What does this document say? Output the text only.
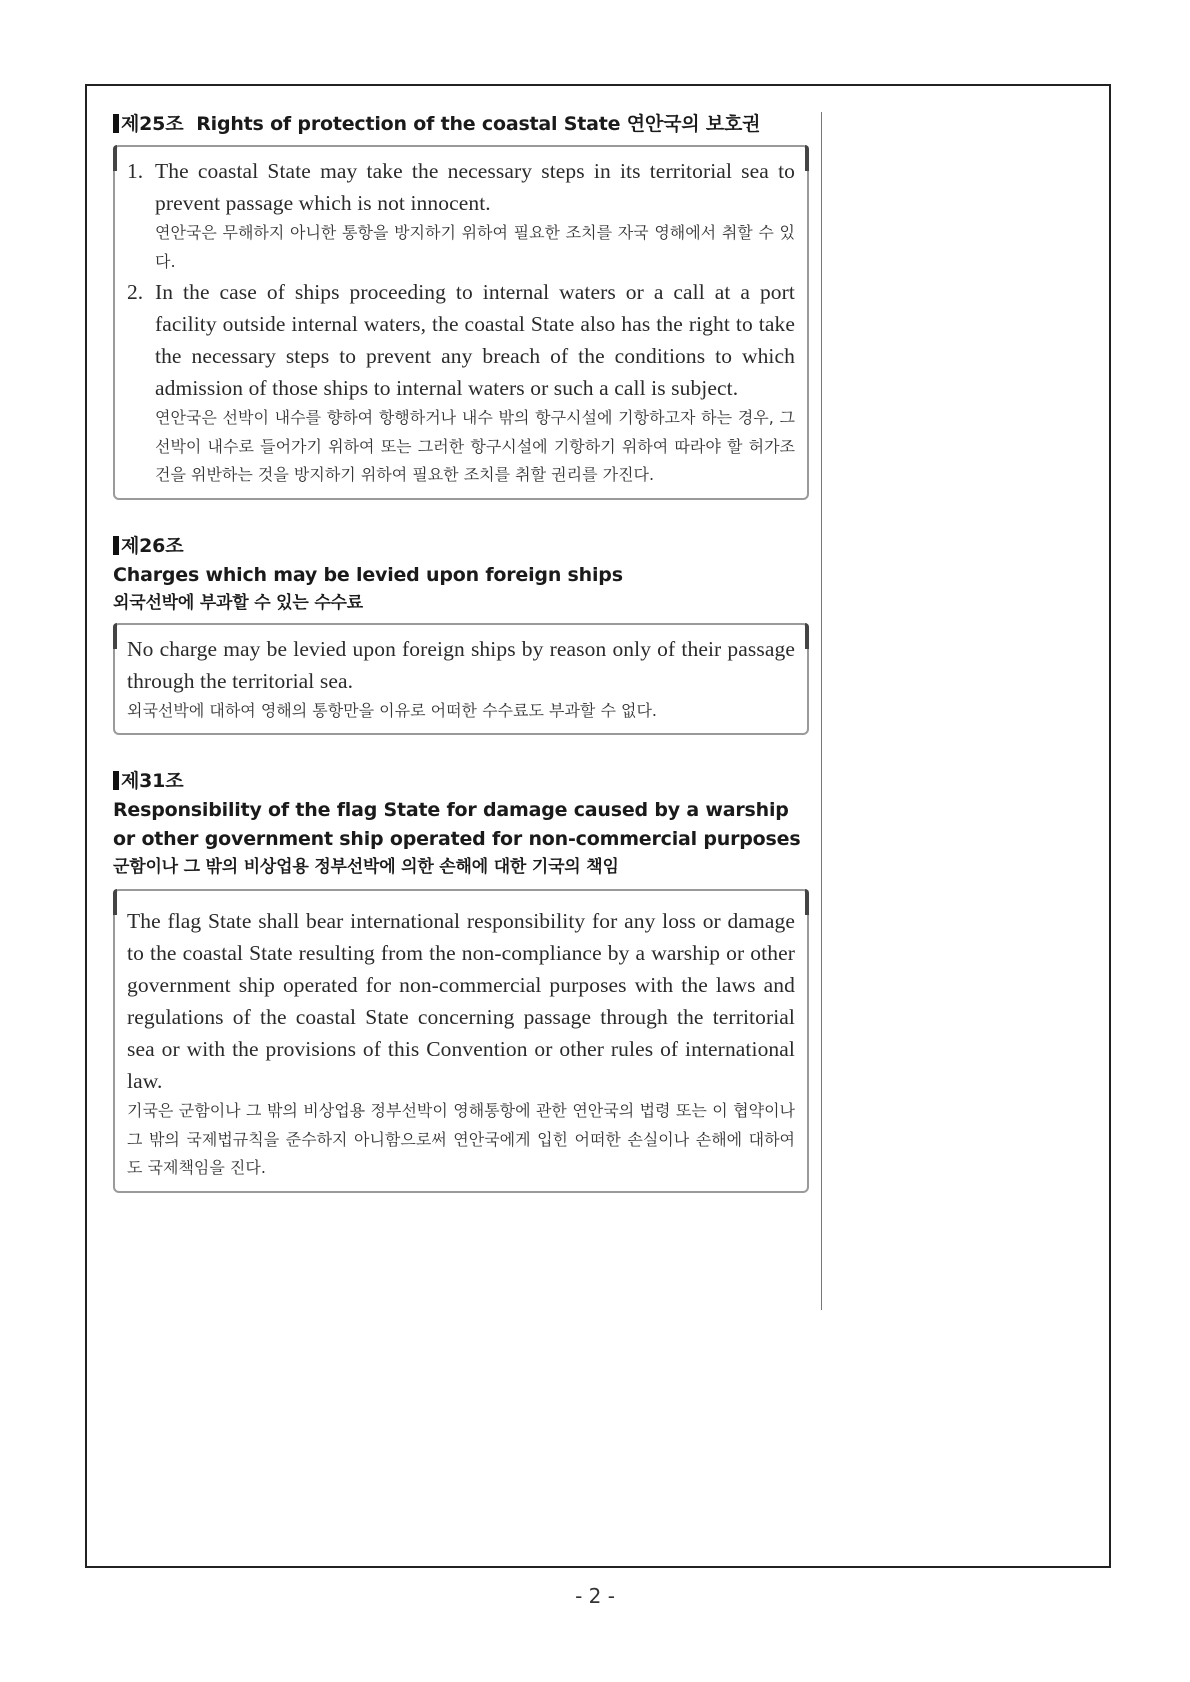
제25조 Rights of protection of the coastal State 연안국의 보호권
1. The coastal State may take the necessary steps in its territorial sea to prevent passage which is not innocent.
연안국은 무해하지 아니한 통항을 방지하기 위하여 필요한 조치를 자국 영해에서 취할 수 있다.
2. In the case of ships proceeding to internal waters or a call at a port facility outside internal waters, the coastal State also has the right to take the necessary steps to prevent any breach of the conditions to which admission of those ships to internal waters or such a call is subject.
연안국은 선박이 내수를 향하여 항행하거나 내수 밖의 항구시설에 기항하고자 하는 경우, 그 선박이 내수로 들어가기 위하여 또는 그러한 항구시설에 기항하기 위하여 따라야 할 허가조건을 위반하는 것을 방지하기 위하여 필요한 조치를 취할 권리를 가진다.
제26조
Charges which may be levied upon foreign ships
외국선박에 부과할 수 있는 수수료
No charge may be levied upon foreign ships by reason only of their passage through the territorial sea.
외국선박에 대하여 영해의 통항만을 이유로 어떠한 수수료도 부과할 수 없다.
제31조
Responsibility of the flag State for damage caused by a warship or other government ship operated for non-commercial purposes
군함이나 그 밖의 비상업용 정부선박에 의한 손해에 대한 기국의 책임
The flag State shall bear international responsibility for any loss or damage to the coastal State resulting from the non-compliance by a warship or other government ship operated for non-commercial purposes with the laws and regulations of the coastal State concerning passage through the territorial sea or with the provisions of this Convention or other rules of international law.
기국은 군함이나 그 밖의 비상업용 정부선박이 영해통항에 관한 연안국의 법령 또는 이 협약이나 그 밖의 국제법규칙을 준수하지 아니함으로써 연안국에게 입힌 어떠한 손실이나 손해에 대하여도 국제책임을 진다.
- 2 -
